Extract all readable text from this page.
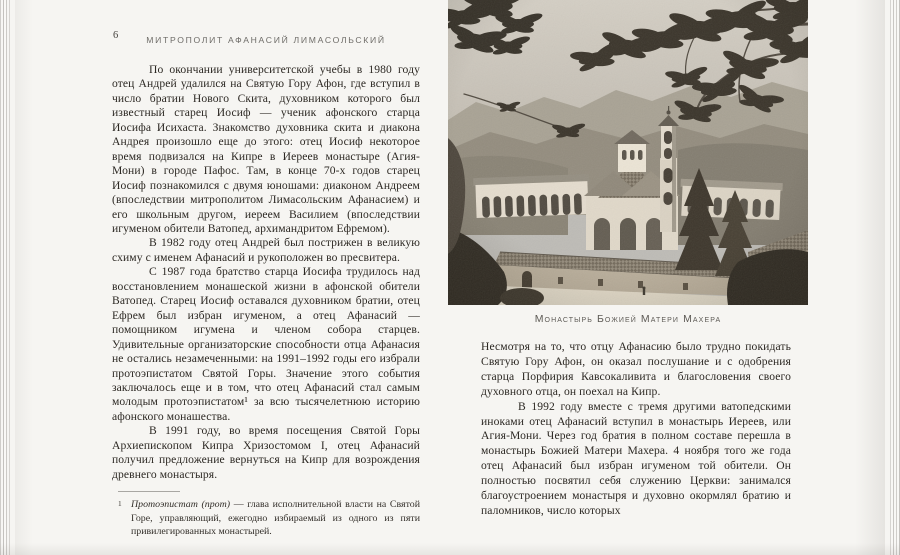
6	МИТРОПОЛИТ АФАНАСИЙ ЛИМАСОЛЬСКИЙ

По окончании университетской учебы в 1980 году отец Андрей удалился на Святую Гору Афон, где вступил в число братии Нового Скита, духовником которого был известный старец Иосиф — ученик афонского старца Иосифа Исихаста. Знакомство духовника скита и диакона Андрея произошло еще до этого: отец Иосиф некоторое время подвизался на Кипре в Иереев монастыре (Агия-Мони) в городе Пафос. Там, в конце 70-х годов старец Иосиф познакомился с двумя юношами: диаконом Андреем (впоследствии митрополитом Лимасольским Афанасием) и его школьным другом, иереем Василием (впоследствии игуменом обители Ватопед, архимандритом Ефремом).

В 1982 году отец Андрей был пострижен в великую схиму с именем Афанасий и рукоположен во пресвитера.

С 1987 года братство старца Иосифа трудилось над восстановлением монашеской жизни в афонской обители Ватопед. Старец Иосиф оставался духовником братии, отец Ефрем был избран игуменом, а отец Афанасий — помощником игумена и членом собора старцев. Удивительные организаторские способности отца Афанасия не остались незамеченными: на 1991–1992 годы его избрали протоэпистатом Святой Горы. Значение этого события заключалось еще и в том, что отец Афанасий стал самым молодым протоэпистатом¹ за всю тысячелетнюю историю афонского монашества.

В 1991 году, во время посещения Святой Горы Архиепископом Кипра Хризостомом I, отец Афанасий получил предложение вернуться на Кипр для возрождения древнего монастыря.

1 Протоэпистат (прот) — глава исполнительной власти на Святой Горе, управляющий, ежегодно избираемый из одного из пяти привилегированных монастырей.
Монастырь Божией Матери Махера

Несмотря на то, что отцу Афанасию было трудно покидать Святую Гору Афон, он оказал послушание и с одобрения старца Порфирия Кавсокаливита и благословения своего духовного отца, он поехал на Кипр.

В 1992 году вместе с тремя другими ватопедскими иноками отец Афанасий вступил в монастырь Иереев, или Агия-Мони. Через год братия в полном составе перешла в монастырь Божией Матери Махера. 4 ноября того же года отец Афанасий был избран игуменом той обители. Он полностью посвятил себя служению Церкви: занимался благоустроением монастыря и духовно окормлял братию и паломников, число которых
